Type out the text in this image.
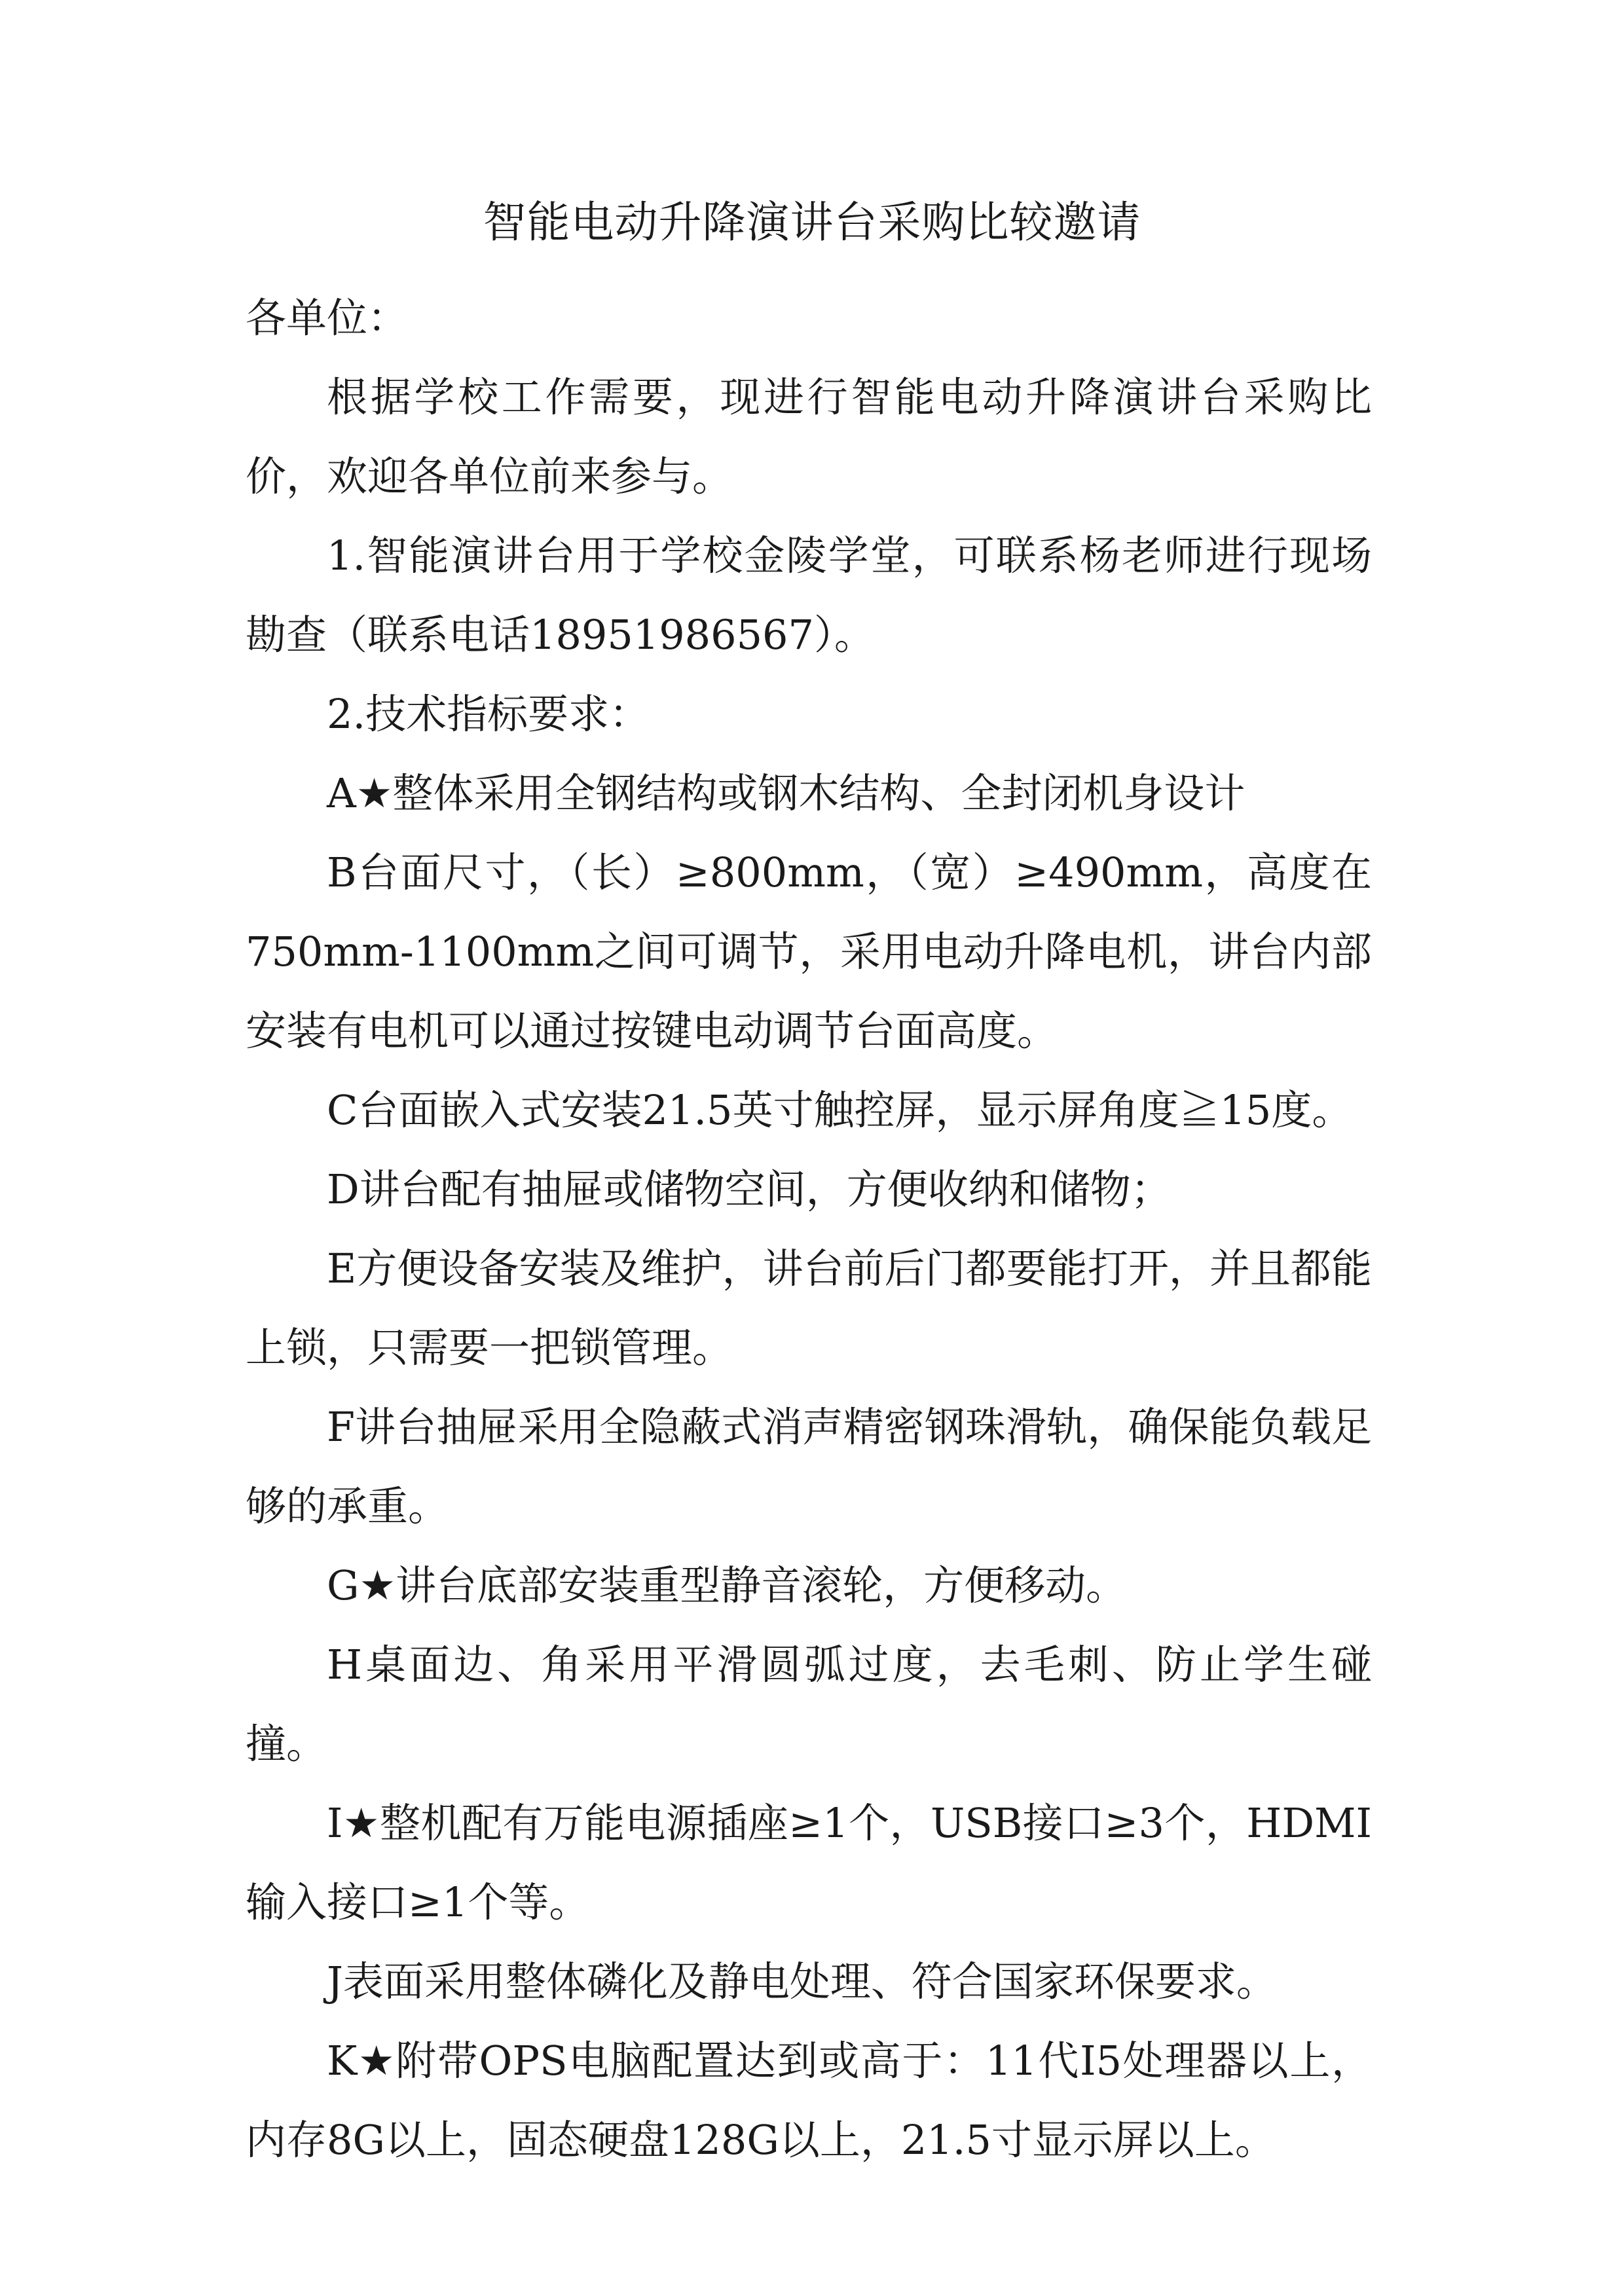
智能电动升降演讲台采购比较邀请

各单位：

根据学校工作需要，现进行智能电动升降演讲台采购比价，欢迎各单位前来参与。

1.智能演讲台用于学校金陵学堂，可联系杨老师进行现场勘查（联系电话18951986567）。

2.技术指标要求：

A★整体采用全钢结构或钢木结构、全封闭机身设计

B台面尺寸，（长）≥800mm，（宽）≥490mm，高度在750mm-1100mm之间可调节，采用电动升降电机，讲台内部安装有电机可以通过按键电动调节台面高度。

C台面嵌入式安装21.5英寸触控屏，显示屏角度≧15度。

D讲台配有抽屉或储物空间，方便收纳和储物；

E方便设备安装及维护，讲台前后门都要能打开，并且都能上锁，只需要一把锁管理。

F讲台抽屉采用全隐蔽式消声精密钢珠滑轨，确保能负载足够的承重。

G★讲台底部安装重型静音滚轮，方便移动。

H桌面边、角采用平滑圆弧过度，去毛刺、防止学生碰撞。

I★整机配有万能电源插座≥1个，USB接口≥3个，HDMI输入接口≥1个等。

J表面采用整体磷化及静电处理、符合国家环保要求。

K★附带OPS电脑配置达到或高于：11代I5处理器以上，内存8G以上，固态硬盘128G以上，21.5寸显示屏以上。
